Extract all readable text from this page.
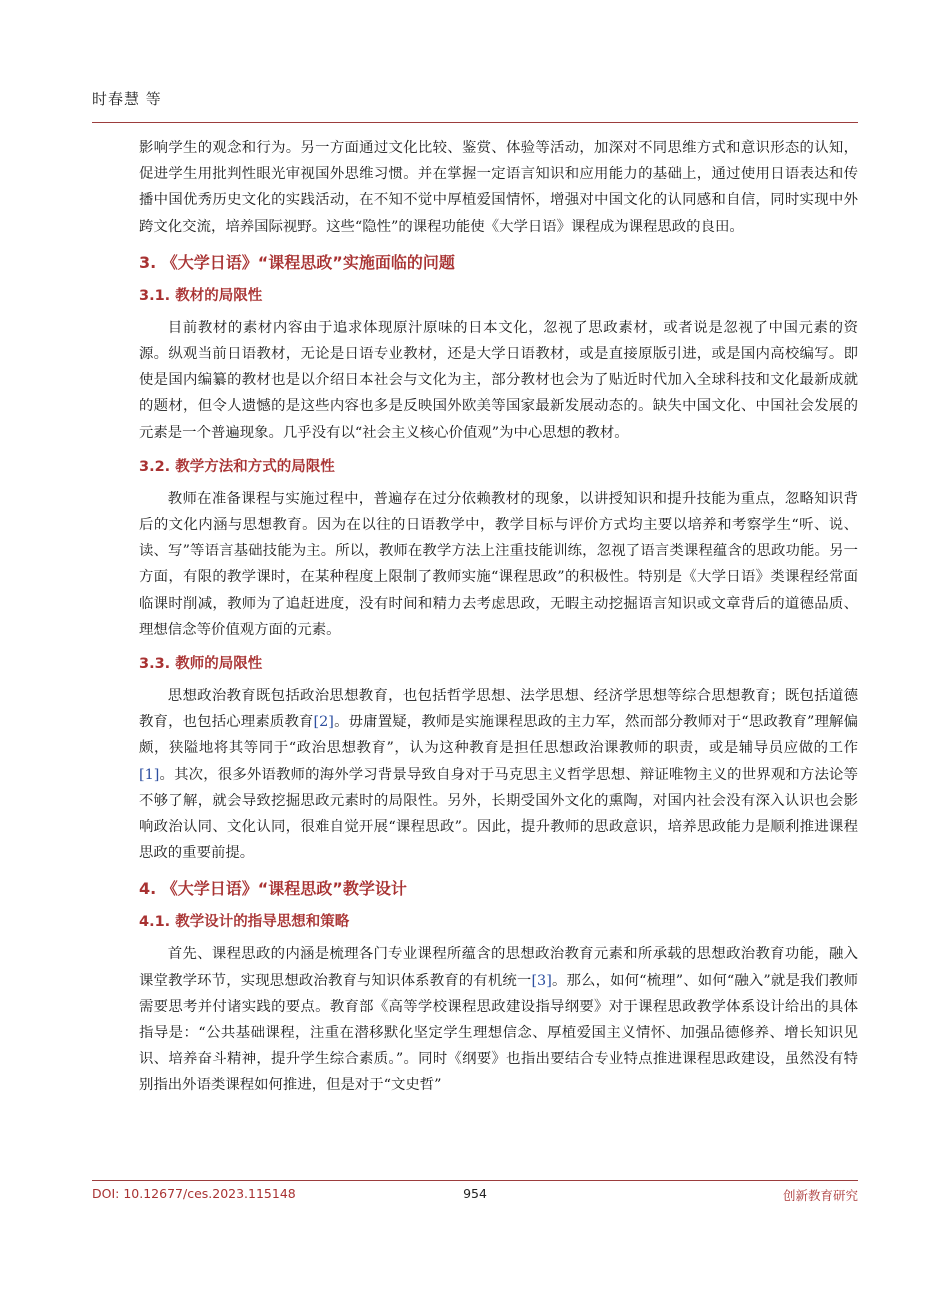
时春慧 等

影响学生的观念和行为。另一方面通过文化比较、鉴赏、体验等活动，加深对不同思维方式和意识形态的认知，促进学生用批判性眼光审视国外思维习惯。并在掌握一定语言知识和应用能力的基础上，通过使用日语表达和传播中国优秀历史文化的实践活动，在不知不觉中厚植爱国情怀，增强对中国文化的认同感和自信，同时实现中外跨文化交流，培养国际视野。这些“隐性”的课程功能使《大学日语》课程成为课程思政的良田。

3. 《大学日语》“课程思政”实施面临的问题
3.1. 教材的局限性

目前教材的素材内容由于追求体现原汁原味的日本文化，忽视了思政素材，或者说是忽视了中国元素的资源。纵观当前日语教材，无论是日语专业教材，还是大学日语教材，或是直接原版引进，或是国内高校编写。即使是国内编纂的教材也是以介绍日本社会与文化为主，部分教材也会为了贴近时代加入全球科技和文化最新成就的题材，但令人遗憾的是这些内容也多是反映国外欧美等国家最新发展动态的。缺失中国文化、中国社会发展的元素是一个普遍现象。几乎没有以“社会主义核心价值观”为中心思想的教材。

3.2. 教学方法和方式的局限性

教师在准备课程与实施过程中，普遍存在过分依赖教材的现象，以讲授知识和提升技能为重点，忽略知识背后的文化内涵与思想教育。因为在以往的日语教学中，教学目标与评价方式均主要以培养和考察学生“听、说、读、写”等语言基础技能为主。所以，教师在教学方法上注重技能训练，忽视了语言类课程蕴含的思政功能。另一方面，有限的教学课时，在某种程度上限制了教师实施“课程思政”的积极性。特别是《大学日语》类课程经常面临课时削减，教师为了追赶进度，没有时间和精力去考虑思政，无暇主动挖掘语言知识或文章背后的道德品质、理想信念等价值观方面的元素。

3.3. 教师的局限性

思想政治教育既包括政治思想教育，也包括哲学思想、法学思想、经济学思想等综合思想教育；既包括道德教育，也包括心理素质教育[2]。毋庸置疑，教师是实施课程思政的主力军，然而部分教师对于“思政教育”理解偏颇，狭隘地将其等同于“政治思想教育”，认为这种教育是担任思想政治课教师的职责，或是辅导员应做的工作[1]。其次，很多外语教师的海外学习背景导致自身对于马克思主义哲学思想、辩证唯物主义的世界观和方法论等不够了解，就会导致挖掘思政元素时的局限性。另外，长期受国外文化的熏陶，对国内社会没有深入认识也会影响政治认同、文化认同，很难自觉开展“课程思政”。因此，提升教师的思政意识，培养思政能力是顺利推进课程思政的重要前提。

4. 《大学日语》“课程思政”教学设计
4.1. 教学设计的指导思想和策略

首先、课程思政的内涵是梳理各门专业课程所蕴含的思想政治教育元素和所承载的思想政治教育功能，融入课堂教学环节，实现思想政治教育与知识体系教育的有机统一[3]。那么，如何“梳理”、如何“融入”就是我们教师需要思考并付诸实践的要点。教育部《高等学校课程思政建设指导纲要》对于课程思政教学体系设计给出的具体指导是：“公共基础课程，注重在潜移默化坚定学生理想信念、厚植爱国主义情怀、加强品德修养、增长知识见识、培养奋斗精神，提升学生综合素质。”。同时《纲要》也指出要结合专业特点推进课程思政建设，虽然没有特别指出外语类课程如何推进，但是对于“文史哲”

DOI: 10.12677/ces.2023.115148	954	创新教育研究
